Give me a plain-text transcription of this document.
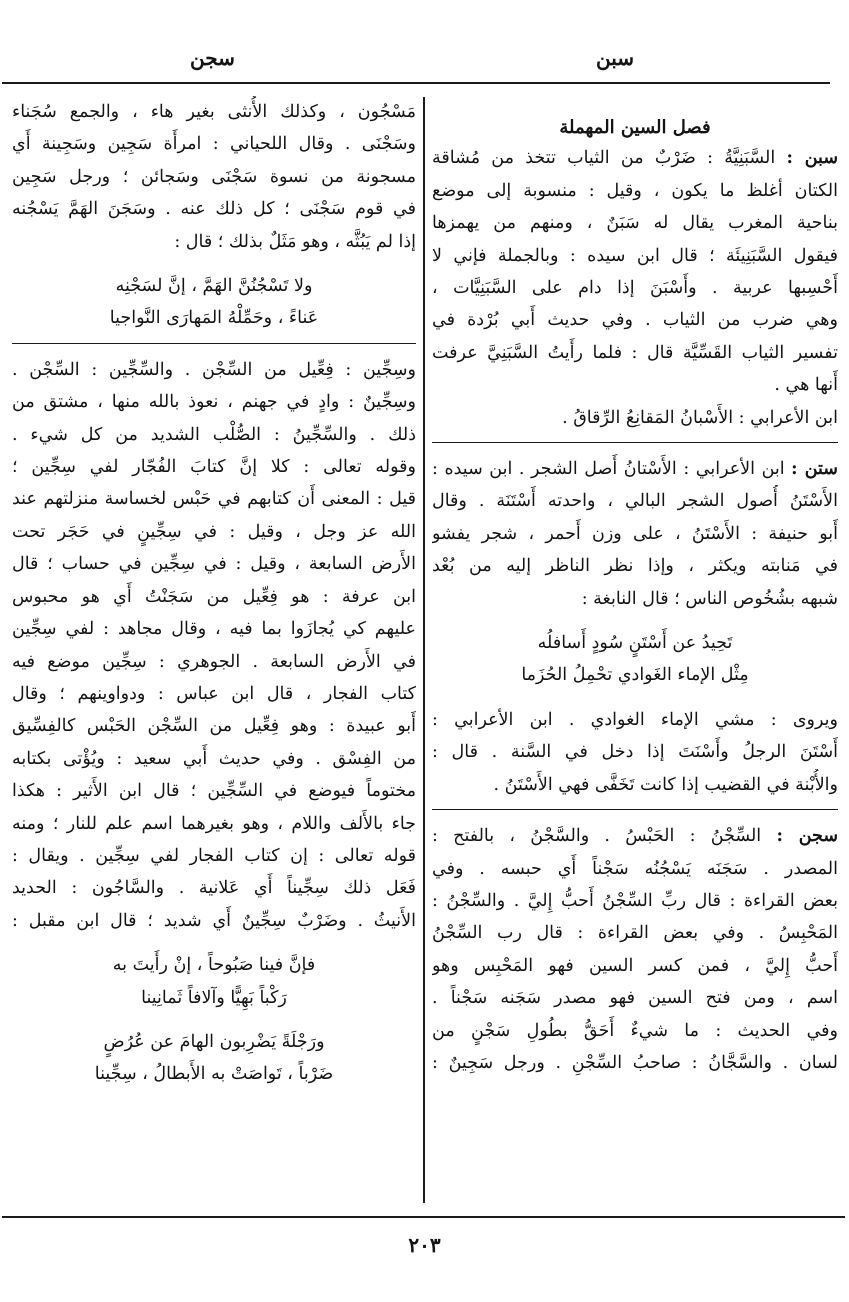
سبن
سجن
فصل السين المهملة
سبن : السَّبَنِيَّةُ : ضَرْبٌ من الثياب تتخذ من مُشاقة
الكتان أغلظ ما يكون ، وقيل : منسوبة إلى موضع
بناحية المغرب يقال له سَبَنٌ ، ومنهم من يهمزها
فيقول السَّبَنِيئَة ؛ قال ابن سيده : وبالجملة فإني لا
أَحْسِبها عربية . وأَسْبَنَ إذا دام على السَّبَنِيَّات ،
وهي ضرب من الثياب . وفي حديث أَبي بُرْدة في
تفسير الثياب القَسِّيَّة قال : فلما رأَيتُ السَّبَنِيَّ عرفت
أَنها هي .
ابن الأعرابي : الأَسْبانُ المَقانِعُ الرِّقاقُ .
ستن : ابن الأعرابي : الأَسْتانُ أَصل الشجر . ابن سيده :
الأَسْتَنُ أُصول الشجر البالي ، واحدته أَسْتَنَة . وقال
أَبو حنيفة : الأَسْتَنُ ، على وزن أَحمر ، شجر يفشو
في مَنابته ويكثر ، وإذا نظر الناظر إليه من بُعْد
شبهه بشُخُوص الناس ؛ قال النابغة :
تَحِيدُ عن أَسْتَنٍ سُودٍ أَسافلُه
مِثْل الإماء الغَوادي تحْمِلُ الحُزَما
ويروى : مشي الإماء الغوادي . ابن الأعرابي :
أَسْتَنَ الرجلُ وأَسْنَتَ إذا دخل في السَّنة . قال :
والأُبْنة في القضيب إذا كانت تَخَفَّى فهي الأَسْتَنُ .
سجن : السِّجْنُ : الحَبْسُ . والسَّجْنُ ، بالفتح :
المصدر . سَجَنَه يَسْجُنُه سَجْناً أَي حبسه . وفي
بعض القراءة : قال ربِّ السِّجْنُ أَحبُّ إِليَّ . والسِّجْنُ :
المَحْبِسُ . وفي بعض القراءة : قال رب السِّجْنُ
أَحبُّ إِليَّ ، فمن كسر السين فهو المَحْبِس وهو
اسم ، ومن فتح السين فهو مصدر سَجَنه سَجْناً .
وفي الحديث : ما شيءٌ أَحَقُّ بطُولِ سَجْنٍ من
لسان . والسَّجَّانُ : صاحبُ السِّجْنِ . ورجل سَجِينٌ :
مَسْجُون ، وكذلك الأُنثى بغير هاء ، والجمع سُجَناء
وسَجْنَى . وقال اللحياني : امرأَة سَجِين وسَجِينة أَي
مسجونة من نسوة سَجْنَى وسَجائن ؛ ورجل سَجِين
في قوم سَجْنَى ؛ كل ذلك عنه . وسَجَنَ الهَمَّ يَسْجُنه
إذا لم يَبُثَّه ، وهو مَثَلٌ بذلك ؛ قال :
ولا تَسْجُنُنَّ الهَمَّ ، إنَّ لسَجْنِه
عَناءً ، وحَمِّلْهُ المَهارَى النَّواجيا
وسِجِّين : فِعِّيل من السِّجْن . والسِّجِّين : السِّجْن .
وسِجِّينٌ : وادٍ في جهنم ، نعوذ بالله منها ، مشتق من
ذلك . والسِّجِّينُ : الصُّلْب الشديد من كل شيء .
وقوله تعالى : كلا إنَّ كتابَ الفُجّار لفي سِجِّين ؛
قيل : المعنى أَن كتابهم في حَبْس لخساسة منزلتهم عند
الله عز وجل ، وقيل : في سِجِّينٍ في حَجَر تحت
الأَرض السابعة ، وقيل : في سِجِّين في حساب ؛ قال
ابن عرفة : هو فِعِّيل من سَجَنْتُ أَي هو محبوس
عليهم كي يُجازَوا بما فيه ، وقال مجاهد : لفي سِجِّين
في الأَرض السابعة . الجوهري : سِجِّين موضع فيه
كتاب الفجار ، قال ابن عباس : ودواوينهم ؛ وقال
أَبو عبيدة : وهو فِعِّيل من السِّجْن الحَبْس كالفِسِّيق
من الفِسْق . وفي حديث أَبي سعيد : ويُؤْتى بكتابه
مختوماً فيوضع في السِّجِّين ؛ قال ابن الأَثير : هكذا
جاء بالأَلف واللام ، وهو بغيرهما اسم علم للنار ؛ ومنه
قوله تعالى : إن كتاب الفجار لفي سِجِّين . ويقال :
فَعَل ذلك سِجِّيناً أَي عَلانية . والسَّاجُون : الحديد
الأَنيثُ . وضَرْبٌ سِجِّينٌ أَي شديد ؛ قال ابن مقبل :
فإنَّ فينا صَبُوحاً ، إنْ رأَيتَ به
رَكْباً بَهِيًّا وآلافاً ثَمانِينا
ورَجْلَةً يَضْرِبون الهامَ عن عُرُضٍ
ضَرْباً ، تَواصَتْ به الأَبطالُ ، سِجِّينا
٢٠٣
